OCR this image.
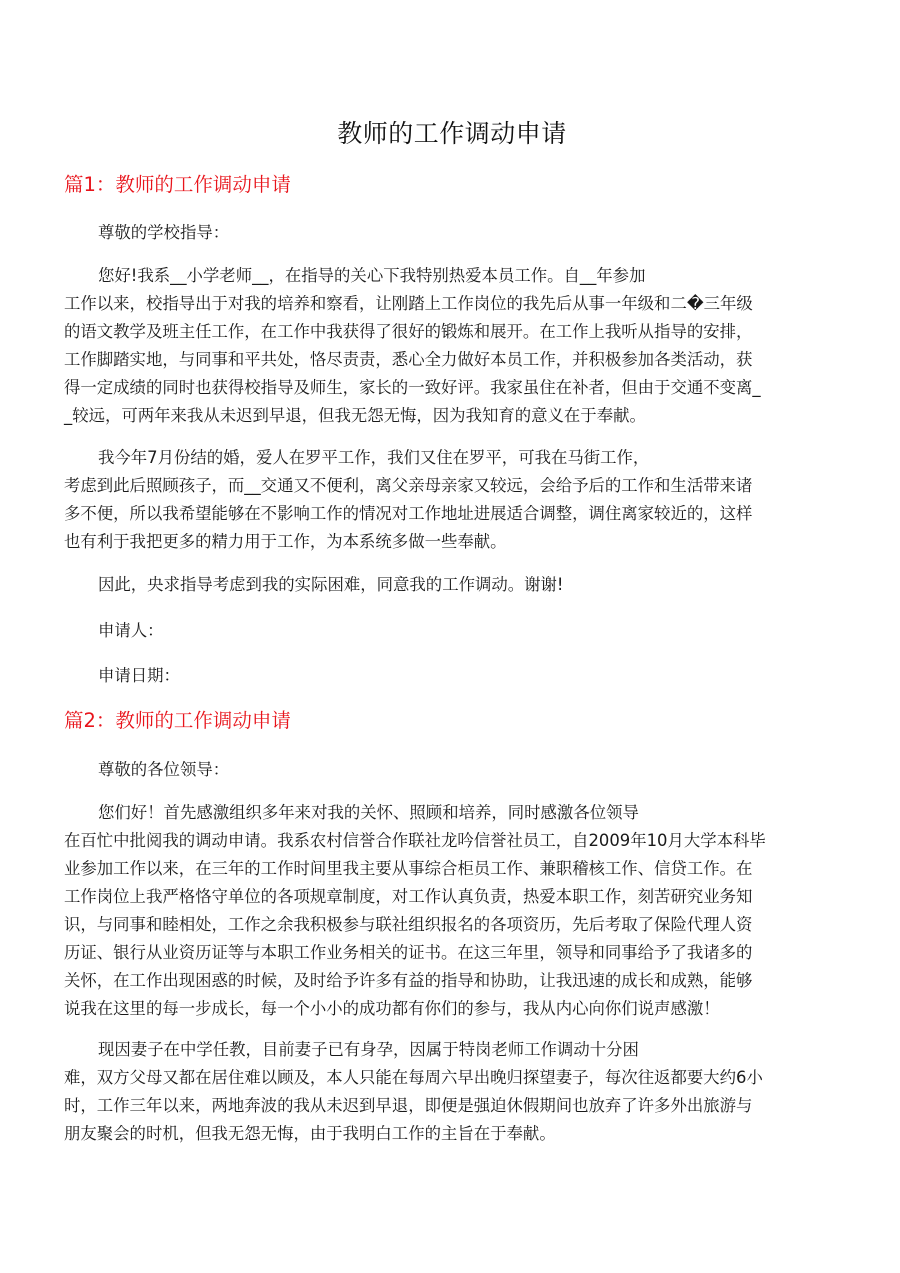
教师的工作调动申请
篇1：教师的工作调动申请
尊敬的学校指导：
您好!我系__小学老师__，在指导的关心下我特别热爱本员工作。自__年参加
工作以来，校指导出于对我的培养和察看，让刚踏上工作岗位的我先后从事一年级和二�三年级
的语文教学及班主任工作，在工作中我获得了很好的锻炼和展开。在工作上我听从指导的安排，
工作脚踏实地，与同事和平共处，恪尽责责，悉心全力做好本员工作，并积极参加各类活动，获
得一定成绩的同时也获得校指导及师生，家长的一致好评。我家虽住在补者，但由于交通不变离_
_较远，可两年来我从未迟到早退，但我无怨无悔，因为我知育的意义在于奉献。
我今年7月份结的婚，爱人在罗平工作，我们又住在罗平，可我在马街工作，
考虑到此后照顾孩子，而__交通又不便利，离父亲母亲家又较远，会给予后的工作和生活带来诸
多不便，所以我希望能够在不影响工作的情况对工作地址进展适合调整，调住离家较近的，这样
也有利于我把更多的精力用于工作，为本系统多做一些奉献。
因此，央求指导考虑到我的实际困难，同意我的工作调动。谢谢!
申请人：
申请日期：
篇2：教师的工作调动申请
尊敬的各位领导：
您们好！首先感激组织多年来对我的关怀、照顾和培养，同时感激各位领导
在百忙中批阅我的调动申请。我系农村信誉合作联社龙吟信誉社员工，自2009年10月大学本科毕
业参加工作以来，在三年的工作时间里我主要从事综合柜员工作、兼职稽核工作、信贷工作。在
工作岗位上我严格恪守单位的各项规章制度，对工作认真负责，热爱本职工作，刻苦研究业务知
识，与同事和睦相处，工作之余我积极参与联社组织报名的各项资历，先后考取了保险代理人资
历证、银行从业资历证等与本职工作业务相关的证书。在这三年里，领导和同事给予了我诸多的
关怀，在工作出现困惑的时候，及时给予许多有益的指导和协助，让我迅速的成长和成熟，能够
说我在这里的每一步成长，每一个小小的成功都有你们的参与，我从内心向你们说声感激！
现因妻子在中学任教，目前妻子已有身孕，因属于特岗老师工作调动十分困
难，双方父母又都在居住难以顾及，本人只能在每周六早出晚归探望妻子，每次往返都要大约6小
时，工作三年以来，两地奔波的我从未迟到早退，即便是强迫休假期间也放弃了许多外出旅游与
朋友聚会的时机，但我无怨无悔，由于我明白工作的主旨在于奉献。
